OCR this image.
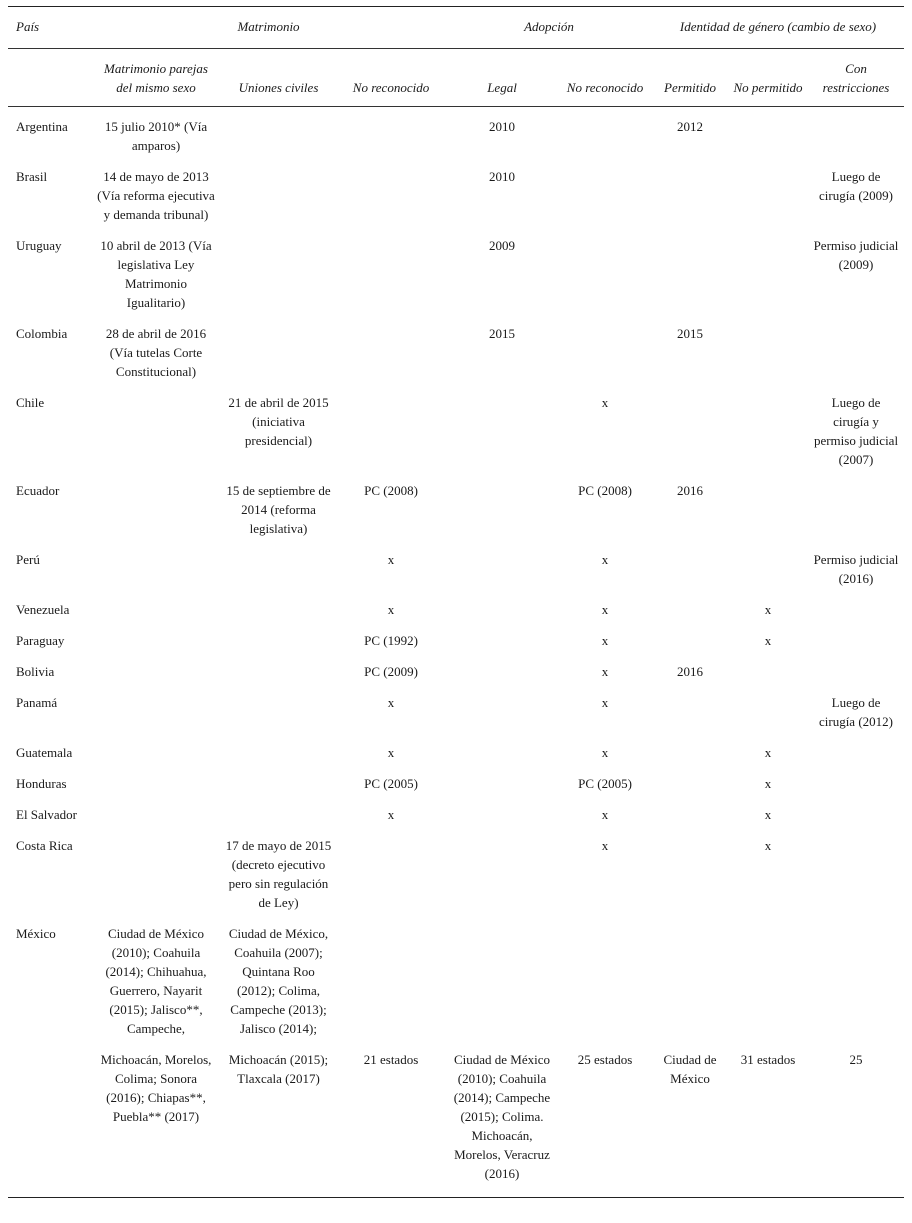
País	Matrimonio			Adopción		Identidad de género (cambio de sexo)		
	Matrimonio parejas del mismo sexo	Uniones civiles	No reconocido	Legal	No reconocido	Permitido	No permitido	Con restricciones
Argentina	15 julio 2010* (Vía amparos)			2010		2012		
Brasil	14 de mayo de 2013 (Vía reforma ejecutiva y demanda tribunal)			2010				Luego de cirugía (2009)
Uruguay	10 abril de 2013 (Vía legislativa Ley Matrimonio Igualitario)			2009				Permiso judicial (2009)
Colombia	28 de abril de 2016 (Vía tutelas Corte Constitucional)			2015		2015		
Chile		21 de abril de 2015 (iniciativa presidencial)			x			Luego de cirugía y permiso judicial (2007)
Ecuador		15 de septiembre de 2014 (reforma legislativa)	PC (2008)		PC (2008)	2016		
Perú			x		x			Permiso judicial (2016)
Venezuela			x		x		x	
Paraguay			PC (1992)		x		x	
Bolivia			PC (2009)		x	2016		
Panamá			x		x			Luego de cirugía (2012)
Guatemala			x		x		x	
Honduras			PC (2005)		PC (2005)		x	
El Salvador			x		x		x	
Costa Rica		17 de mayo de 2015 (decreto ejecutivo pero sin regulación de Ley)			x		x	
México	Ciudad de México (2010); Coahuila (2014); Chihuahua, Guerrero, Nayarit (2015); Jalisco**, Campeche,	Ciudad de México, Coahuila (2007); Quintana Roo (2012); Colima, Campeche (2013); Jalisco (2014);						
	Michoacán, Morelos, Colima; Sonora (2016); Chiapas**, Puebla** (2017)	Michoacán (2015); Tlaxcala (2017)	21 estados	Ciudad de México (2010); Coahuila (2014); Campeche (2015); Colima. Michoacán, Morelos, Veracruz (2016)	25 estados	Ciudad de México	31 estados	25
